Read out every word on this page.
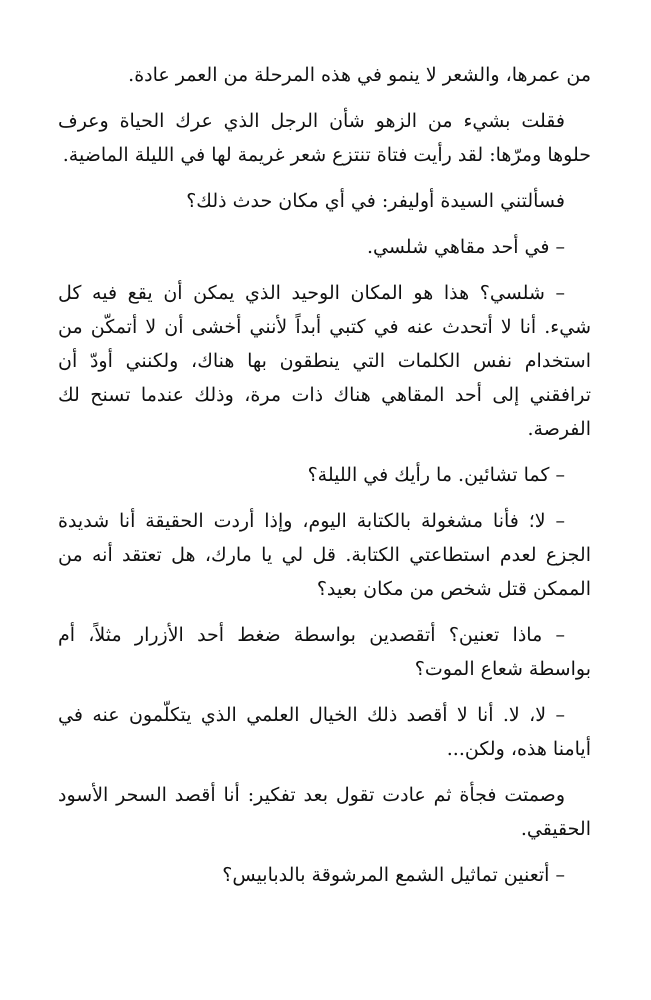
من عمرها، والشعر لا ينمو في هذه المرحلة من العمر عادة.

فقلت بشيء من الزهو شأن الرجل الذي عرك الحياة وعرف حلوها ومرّها: لقد رأيت فتاة تنتزع شعر غريمة لها في الليلة الماضية.

فسألتني السيدة أوليفر: في أي مكان حدث ذلك؟

– في أحد مقاهي شلسي.

– شلسي؟ هذا هو المكان الوحيد الذي يمكن أن يقع فيه كل شيء. أنا لا أتحدث عنه في كتبي أبداً لأنني أخشى أن لا أتمكّن من استخدام نفس الكلمات التي ينطقون بها هناك، ولكنني أودّ أن ترافقني إلى أحد المقاهي هناك ذات مرة، وذلك عندما تسنح لك الفرصة.

– كما تشائين. ما رأيك في الليلة؟

– لا؛ فأنا مشغولة بالكتابة اليوم، وإذا أردت الحقيقة أنا شديدة الجزع لعدم استطاعتي الكتابة. قل لي يا مارك، هل تعتقد أنه من الممكن قتل شخص من مكان بعيد؟

– ماذا تعنين؟ أتقصدين بواسطة ضغط أحد الأزرار مثلاً، أم بواسطة شعاع الموت؟

– لا، لا. أنا لا أقصد ذلك الخيال العلمي الذي يتكلّمون عنه في أيامنا هذه، ولكن...

وصمتت فجأة ثم عادت تقول بعد تفكير: أنا أقصد السحر الأسود الحقيقي.

– أتعنين تماثيل الشمع المرشوقة بالدبابيس؟
